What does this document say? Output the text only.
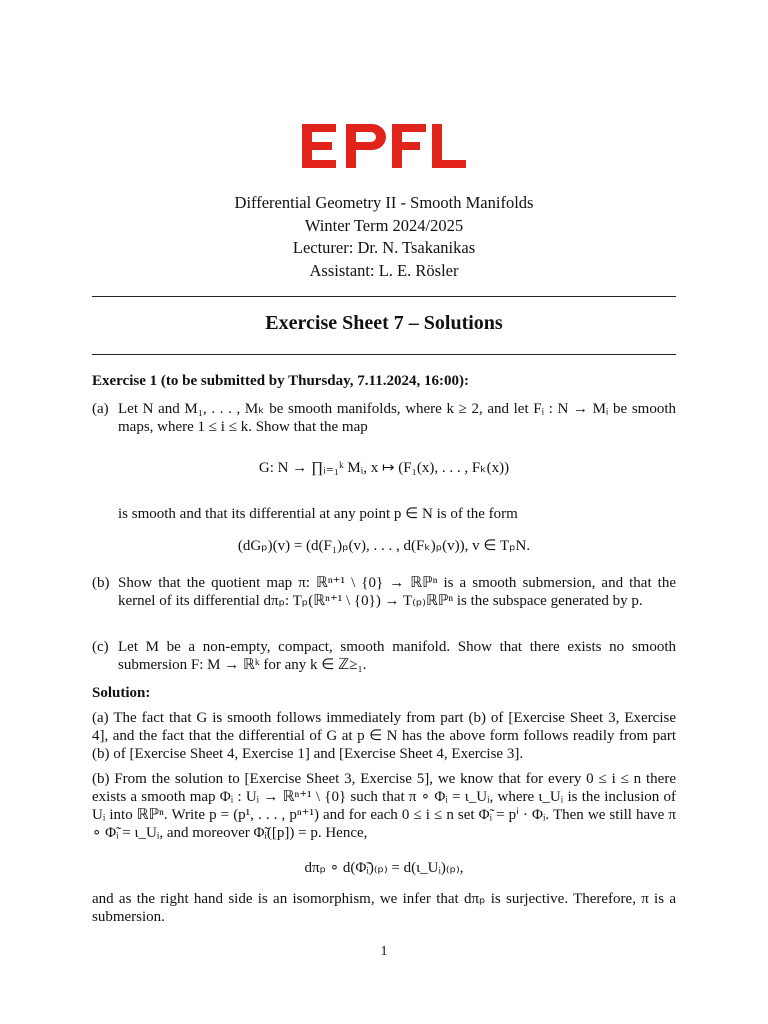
Differential Geometry II - Smooth Manifolds
Winter Term 2024/2025
Lecturer: Dr. N. Tsakanikas
Assistant: L. E. Rösler
Exercise Sheet 7 – Solutions
Exercise 1 (to be submitted by Thursday, 7.11.2024, 16:00):
(a) Let N and M₁, . . . , Mₖ be smooth manifolds, where k ≥ 2, and let Fᵢ : N → Mᵢ be smooth maps, where 1 ≤ i ≤ k. Show that the map
G: N → ∏ᵢ₌₁ᵏ Mᵢ, x ↦ (F₁(x), . . . , Fₖ(x))
is smooth and that its differential at any point p ∈ N is of the form
(dGₚ)(v) = (d(F₁)ₚ(v), . . . , d(Fₖ)ₚ(v)), v ∈ TₚN.
(b) Show that the quotient map π: ℝⁿ⁺¹ \ {0} → ℝℙⁿ is a smooth submersion, and that the kernel of its differential dπₚ: Tₚ(ℝⁿ⁺¹ \ {0}) → T₍ₚ₎ℝℙⁿ is the subspace generated by p.
(c) Let M be a non-empty, compact, smooth manifold. Show that there exists no smooth submersion F: M → ℝᵏ for any k ∈ ℤ≥₁.
Solution:
(a) The fact that G is smooth follows immediately from part (b) of [Exercise Sheet 3, Exercise 4], and the fact that the differential of G at p ∈ N has the above form follows readily from part (b) of [Exercise Sheet 4, Exercise 1] and [Exercise Sheet 4, Exercise 3].
(b) From the solution to [Exercise Sheet 3, Exercise 5], we know that for every 0 ≤ i ≤ n there exists a smooth map Φᵢ : Uᵢ → ℝⁿ⁺¹ \ {0} such that π ∘ Φᵢ = ι_Uᵢ, where ι_Uᵢ is the inclusion of Uᵢ into ℝℙⁿ. Write p = (p¹, . . . , pⁿ⁺¹) and for each 0 ≤ i ≤ n set Φ̃ᵢ = pⁱ · Φᵢ. Then we still have π ∘ Φ̃ᵢ = ι_Uᵢ, and moreover Φ̃ᵢ([p]) = p. Hence,
dπₚ ∘ d(Φ̃ᵢ)₍ₚ₎ = d(ι_Uᵢ)₍ₚ₎,
and as the right hand side is an isomorphism, we infer that dπₚ is surjective. Therefore, π is a submersion.
1
